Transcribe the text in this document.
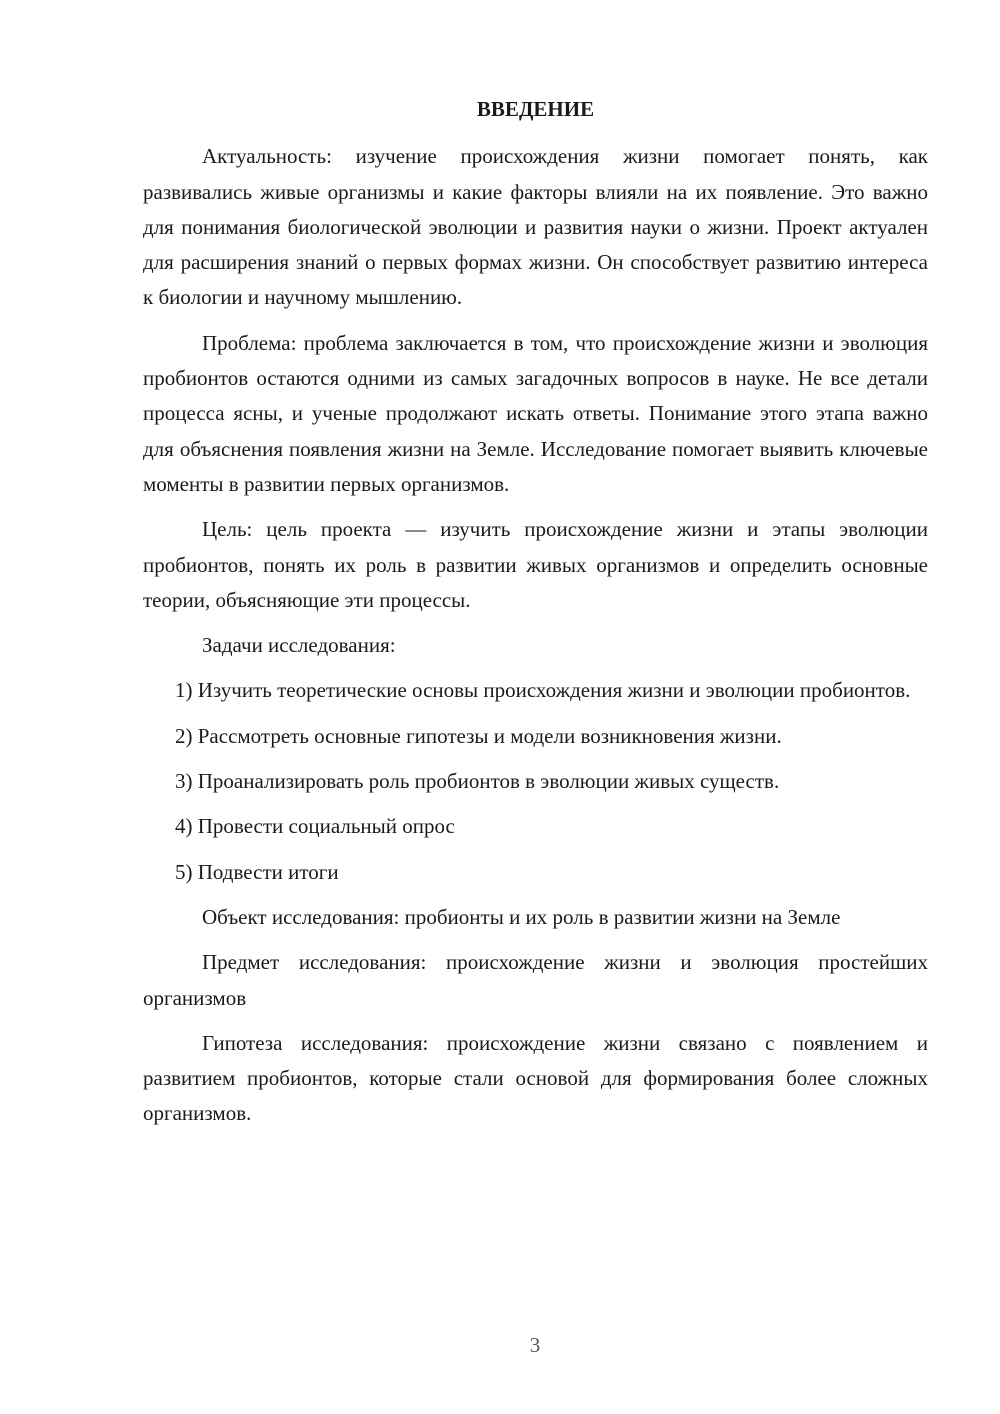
ВВЕДЕНИЕ

Актуальность: изучение происхождения жизни помогает понять, как развивались живые организмы и какие факторы влияли на их появление. Это важно для понимания биологической эволюции и развития науки о жизни. Проект актуален для расширения знаний о первых формах жизни. Он способствует развитию интереса к биологии и научному мышлению.

Проблема: проблема заключается в том, что происхождение жизни и эволюция пробионтов остаются одними из самых загадочных вопросов в науке. Не все детали процесса ясны, и ученые продолжают искать ответы. Понимание этого этапа важно для объяснения появления жизни на Земле. Исследование помогает выявить ключевые моменты в развитии первых организмов.

Цель: цель проекта — изучить происхождение жизни и этапы эволюции пробионтов, понять их роль в развитии живых организмов и определить основные теории, объясняющие эти процессы.

Задачи исследования:

1) Изучить теоретические основы происхождения жизни и эволюции пробионтов.

2) Рассмотреть основные гипотезы и модели возникновения жизни.

3) Проанализировать роль пробионтов в эволюции живых существ.

4) Провести социальный опрос

5) Подвести итоги

Объект исследования: пробионты и их роль в развитии жизни на Земле

Предмет исследования: происхождение жизни и эволюция простейших организмов

Гипотеза исследования: происхождение жизни связано с появлением и развитием пробионтов, которые стали основой для формирования более сложных организмов.

3
